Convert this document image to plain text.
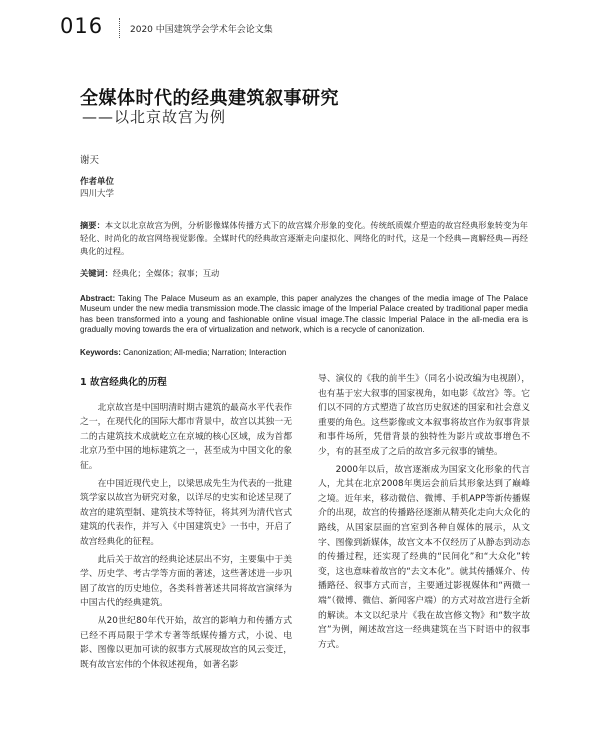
016	2020 中国建筑学会学术年会论文集
全媒体时代的经典建筑叙事研究
——以北京故宫为例
谢天
作者单位
四川大学
摘要：本文以北京故宫为例，分析影像媒体传播方式下的故宫媒介形象的变化。传统纸质媒介塑造的故宫经典形象转变为年轻化、时尚化的故宫网络视觉影像。全媒时代的经典故宫逐渐走向虚拟化、网络化的时代，这是一个经典—离解经典—再经典化的过程。
关键词：经典化；全媒体；叙事；互动
Abstract: Taking The Palace Museum as an example, this paper analyzes the changes of the media image of The Palace Museum under the new media transmission mode.The classic image of the Imperial Palace created by traditional paper media has been transformed into a young and fashionable online visual image.The classic Imperial Palace in the all-media era is gradually moving towards the era of virtualization and network, which is a recycle of canonization.
Keywords: Canonization; All-media; Narration; Interaction
1 故宫经典化的历程

北京故宫是中国明清时期古建筑的最高水平代表作之一，在现代化的国际大都市背景中，故宫以其独一无二的古建筑技术成就屹立在京城的核心区域，成为首都北京乃至中国的地标建筑之一，甚至成为中国文化的象征。

在中国近现代史上，以梁思成先生为代表的一批建筑学家以故宫为研究对象，以详尽的史实和论述呈现了故宫的建筑型制、建筑技术等特征，将其列为清代官式建筑的代表作，并写入《中国建筑史》一书中，开启了故宫经典化的征程。

此后关于故宫的经典论述层出不穷，主要集中于美学、历史学、考古学等方面的著述，这些著述进一步巩固了故宫的历史地位，各类科普著述共同将故宫演绎为中国古代的经典建筑。

从20世纪80年代开始，故宫的影响力和传播方式已经不再局限于学术专著等纸媒传播方式，小说、电影、图像以更加可读的叙事方式展现故宫的风云变迁，既有故宫宏伟的个体叙述视角，如著名影

导、演仪的《我的前半生》（同名小说改编为电视剧），也有基于宏大叙事的国家视角，如电影《故宫》等。它们以不同的方式塑造了故宫历史叙述的国家和社会意义重要的角色。这些影像或文本叙事将故宫作为叙事背景和事件场所，凭借背景的独特性为影片或故事增色不少，有的甚至成了之后的故宫多元叙事的铺垫。

2000年以后，故宫逐渐成为国家文化形象的代言人，尤其在北京2008年奥运会前后其形象达到了巅峰之境。近年来，移动微信、微博、手机APP等新传播媒介的出现，故宫的传播路径逐渐从精英化走向大众化的路线，从国家层面的宫室到各种自媒体的展示，从文字、图像到新媒体，故宫文本不仅经历了从静态到动态的传播过程，还实现了经典的“民间化”和“大众化”转变，这也意味着故宫的“去文本化”。就其传播媒介、传播路径、叙事方式而言，主要通过影视媒体和“两微一端”（微博、微信、新闻客户端）的方式对故宫进行全新的解读。本文以纪录片《我在故宫修文物》和“数字故宫”为例，阐述故宫这一经典建筑在当下时语中的叙事方式。
